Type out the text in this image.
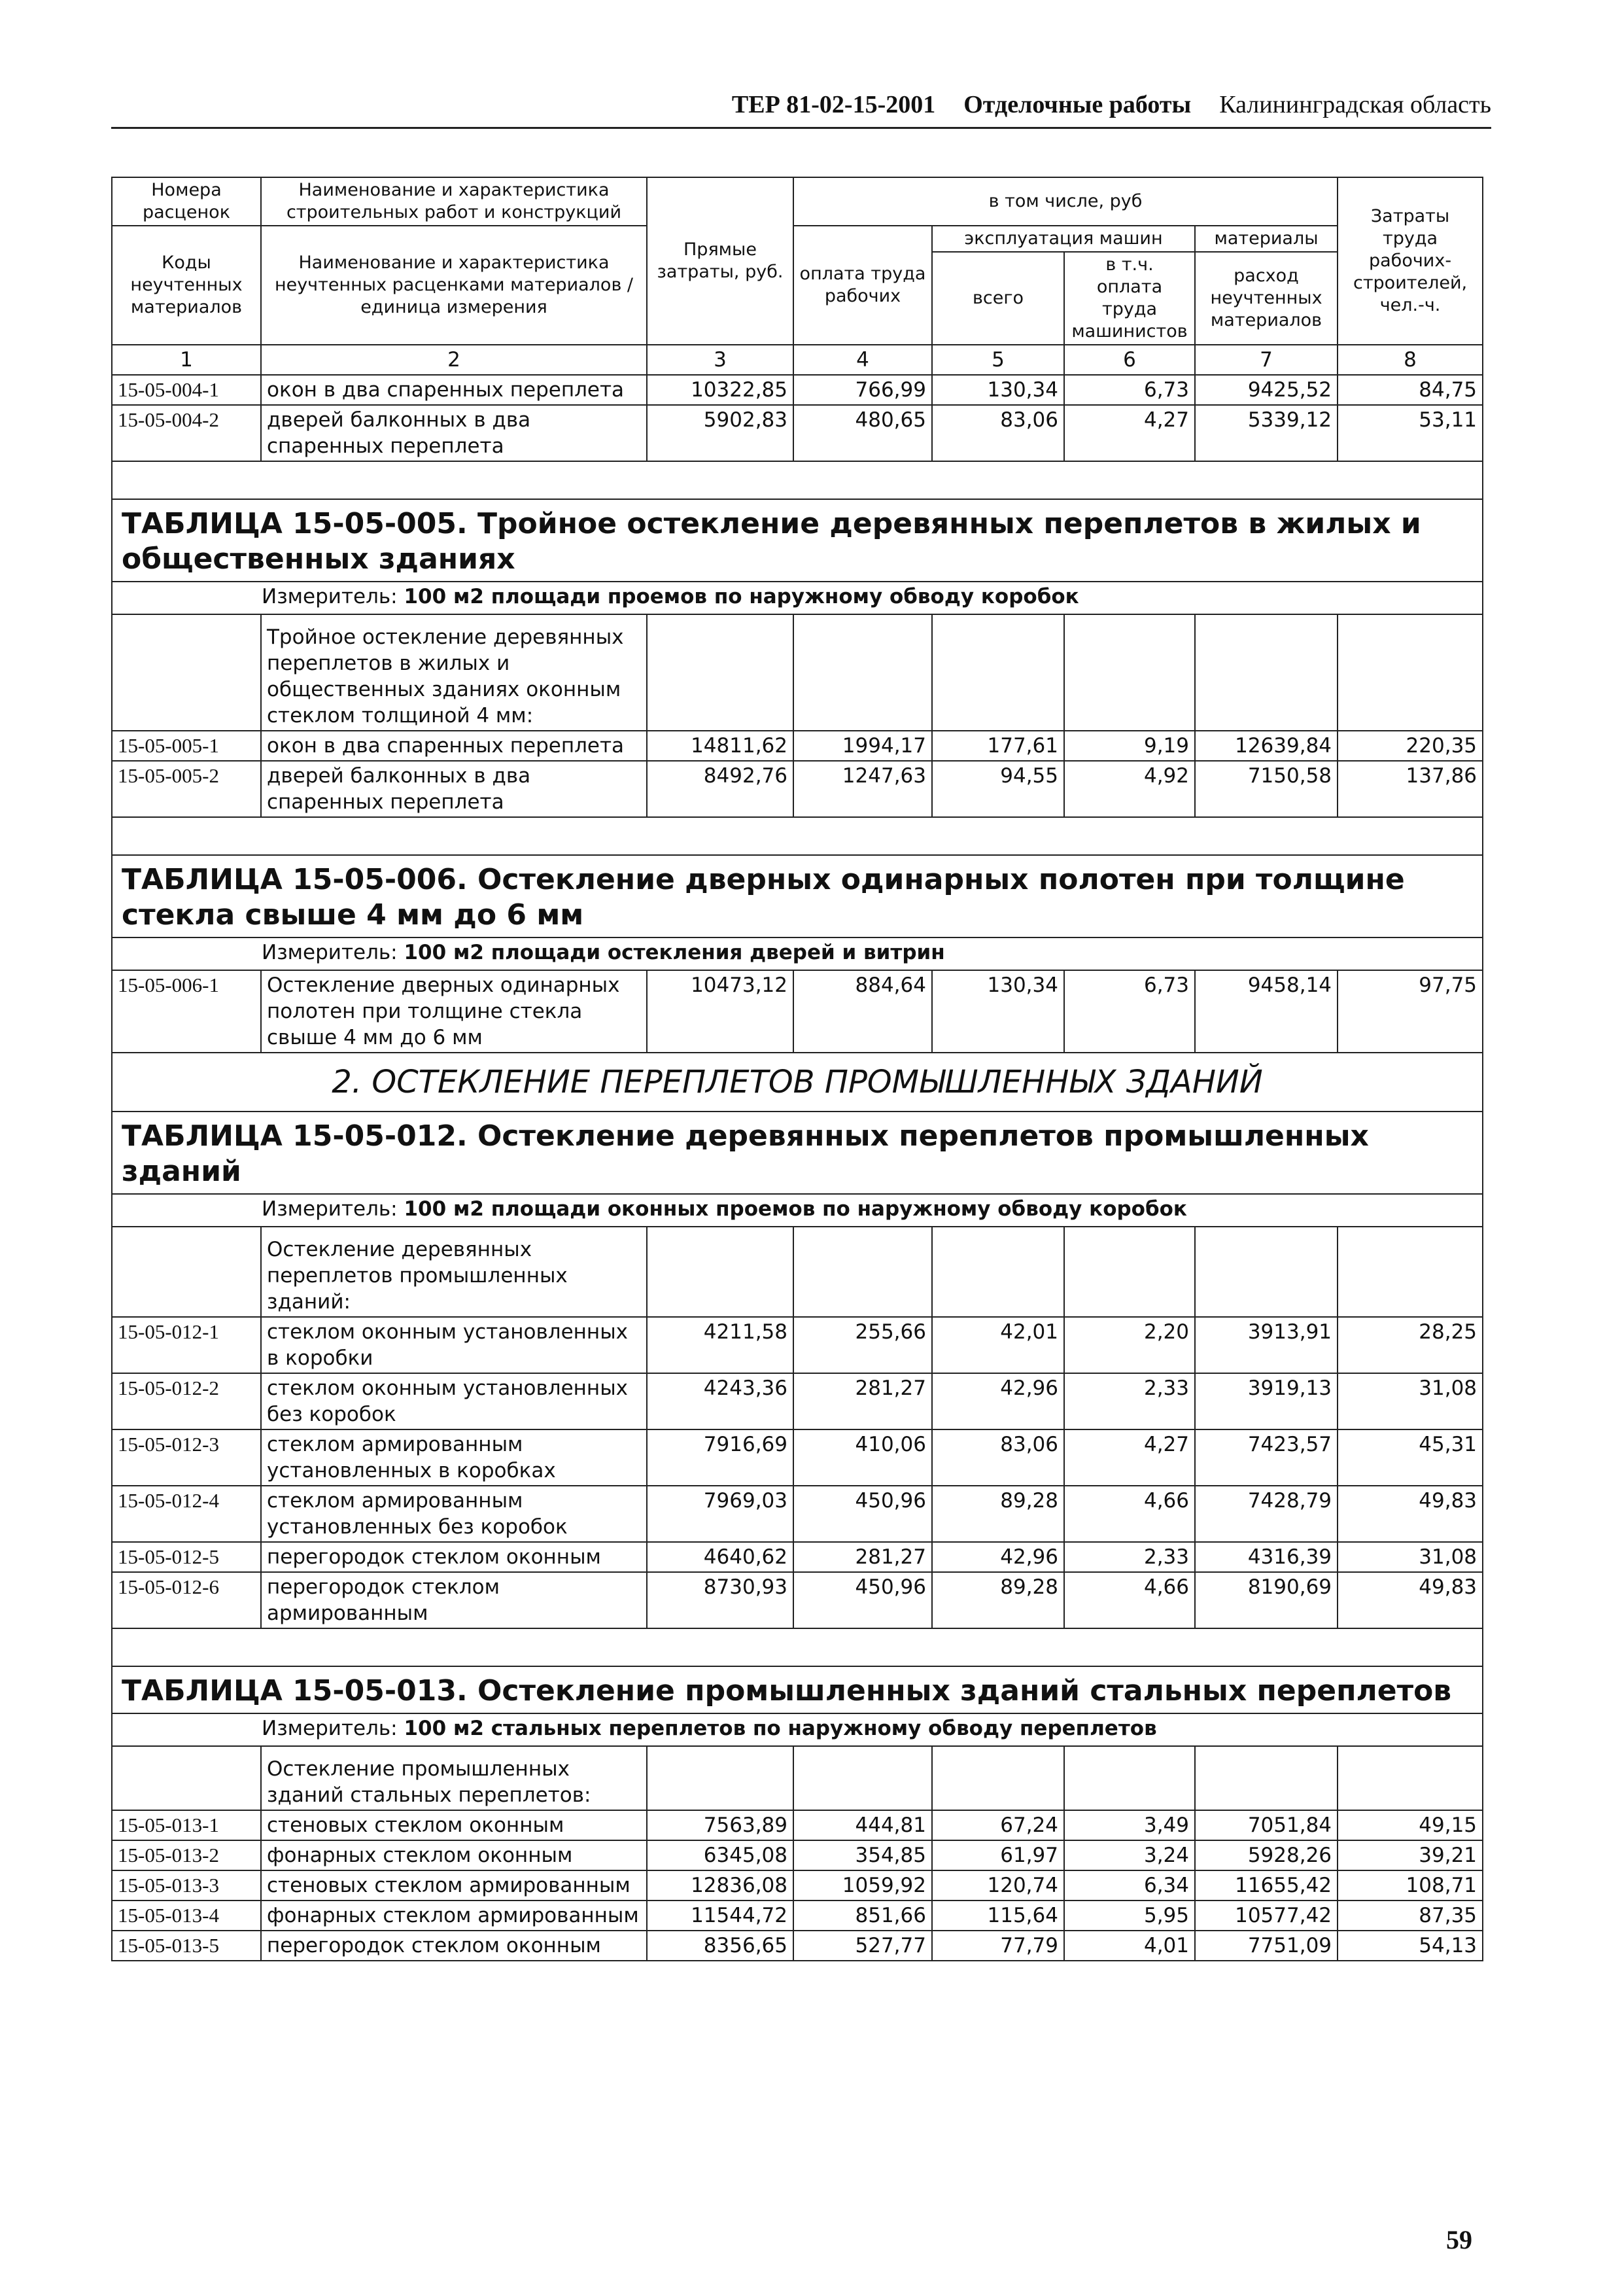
ТЕР 81-02-15-2001 Отделочные работы Калининградская область
Номера расценок	Наименование и характеристика строительных работ и конструкций	Прямые затраты, руб.	в том числе, руб				Затраты труда рабочих-строителей, чел.-ч.
Коды неучтенных материалов	Наименование и характеристика неучтенных расценками материалов / единица измерения		оплата труда рабочих	эксплуатация машин		материалы	
				всего	в т.ч. оплата труда машинистов	расход неучтенных материалов	
1	2	3	4	5	6	7	8
15-05-004-1	окон в два спаренных переплета	10322,85	766,99	130,34	6,73	9425,52	84,75
15-05-004-2	дверей балконных в два спаренных переплета	5902,83	480,65	83,06	4,27	5339,12	53,11

ТАБЛИЦА 15-05-005. Тройное остекление деревянных переплетов в жилых и общественных зданиях							
Измеритель: 100 м2 площади проемов по наружному обводу коробок							
	Тройное остекление деревянных переплетов в жилых и общественных зданиях оконным стеклом толщиной 4 мм:						
15-05-005-1	окон в два спаренных переплета	14811,62	1994,17	177,61	9,19	12639,84	220,35
15-05-005-2	дверей балконных в два спаренных переплета	8492,76	1247,63	94,55	4,92	7150,58	137,86

ТАБЛИЦА 15-05-006. Остекление дверных одинарных полотен при толщине стекла свыше 4 мм до 6 мм							
Измеритель: 100 м2 площади остекления дверей и витрин							
15-05-006-1	Остекление дверных одинарных полотен при толщине стекла свыше 4 мм до 6 мм	10473,12	884,64	130,34	6,73	9458,14	97,75
2. ОСТЕКЛЕНИЕ ПЕРЕПЛЕТОВ ПРОМЫШЛЕННЫХ ЗДАНИЙ							
ТАБЛИЦА 15-05-012. Остекление деревянных переплетов промышленных зданий							
Измеритель: 100 м2 площади оконных проемов по наружному обводу коробок							
	Остекление деревянных переплетов промышленных зданий:						
15-05-012-1	стеклом оконным установленных в коробки	4211,58	255,66	42,01	2,20	3913,91	28,25
15-05-012-2	стеклом оконным установленных без коробок	4243,36	281,27	42,96	2,33	3919,13	31,08
15-05-012-3	стеклом армированным установленных в коробках	7916,69	410,06	83,06	4,27	7423,57	45,31
15-05-012-4	стеклом армированным установленных без коробок	7969,03	450,96	89,28	4,66	7428,79	49,83
15-05-012-5	перегородок стеклом оконным	4640,62	281,27	42,96	2,33	4316,39	31,08
15-05-012-6	перегородок стеклом армированным	8730,93	450,96	89,28	4,66	8190,69	49,83

ТАБЛИЦА 15-05-013. Остекление промышленных зданий стальных переплетов							
Измеритель: 100 м2 стальных переплетов по наружному обводу переплетов							
	Остекление промышленных зданий стальных переплетов:						
15-05-013-1	стеновых стеклом оконным	7563,89	444,81	67,24	3,49	7051,84	49,15
15-05-013-2	фонарных стеклом оконным	6345,08	354,85	61,97	3,24	5928,26	39,21
15-05-013-3	стеновых стеклом армированным	12836,08	1059,92	120,74	6,34	11655,42	108,71
15-05-013-4	фонарных стеклом армированным	11544,72	851,66	115,64	5,95	10577,42	87,35
15-05-013-5	перегородок стеклом оконным	8356,65	527,77	77,79	4,01	7751,09	54,13
59
